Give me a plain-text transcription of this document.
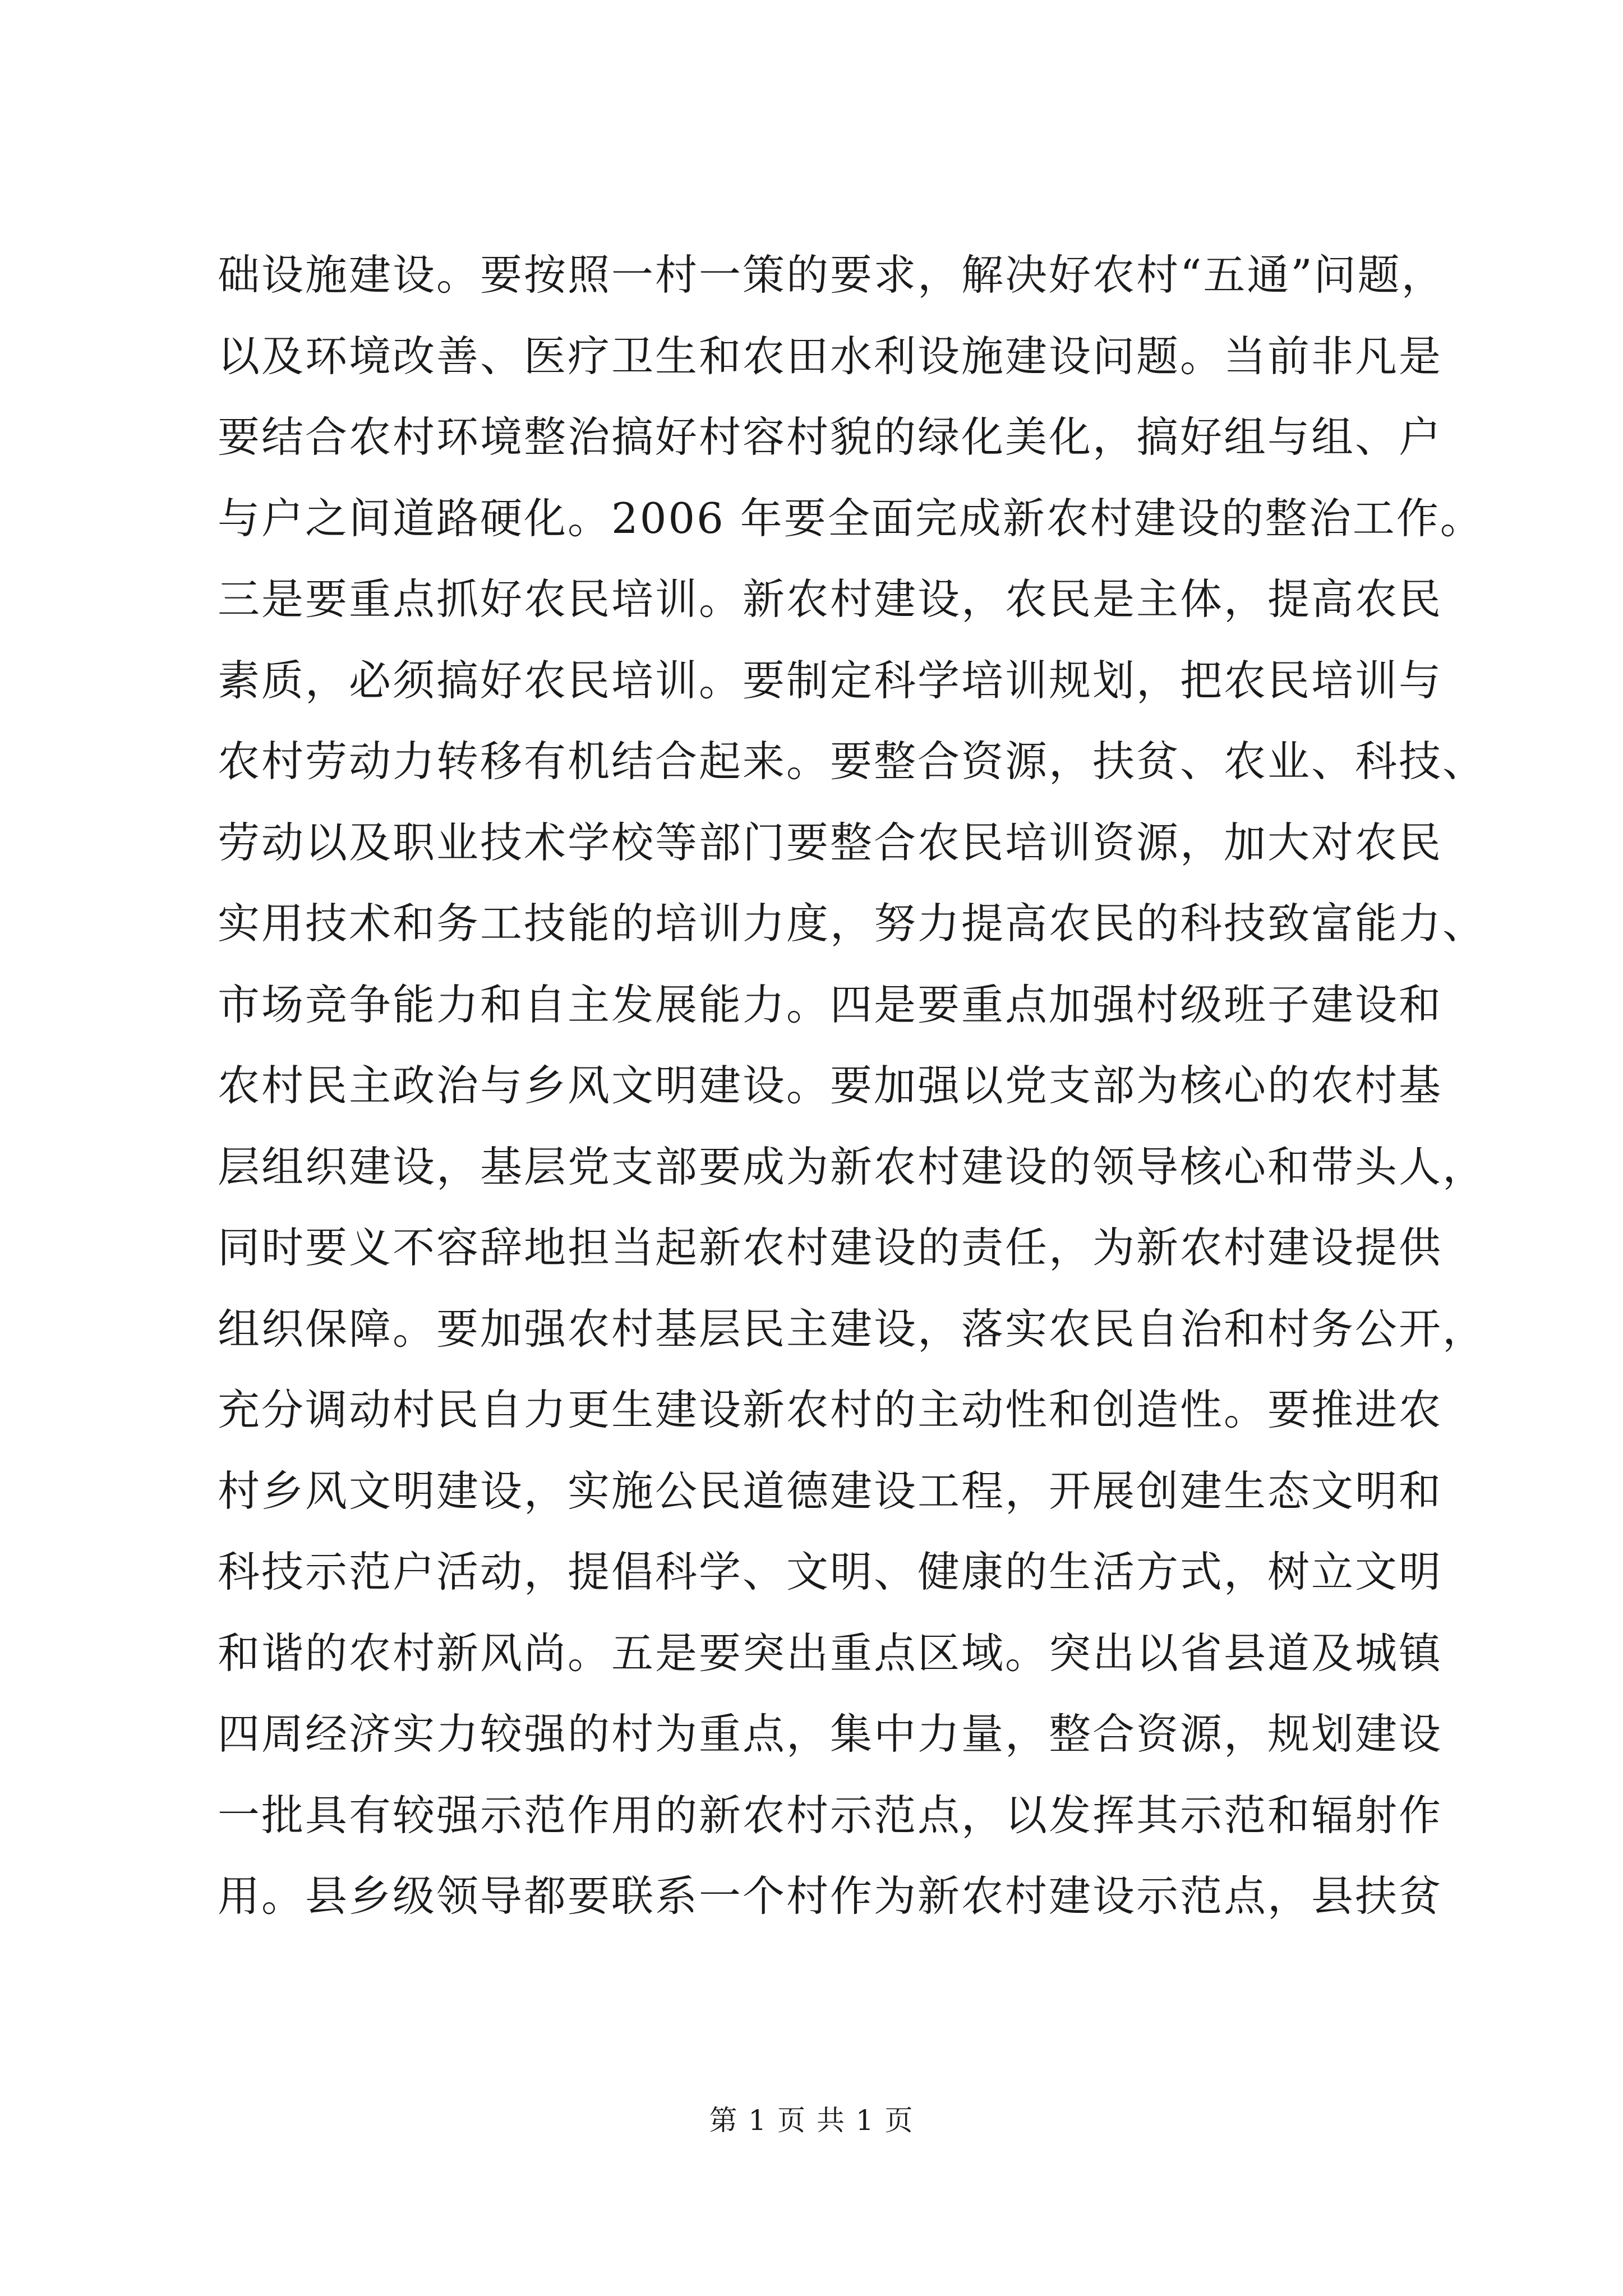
础设施建设。要按照一村一策的要求，解决好农村“五通”问题，
以及环境改善、医疗卫生和农田水利设施建设问题。当前非凡是
要结合农村环境整治搞好村容村貌的绿化美化，搞好组与组、户
与户之间道路硬化。2006 年要全面完成新农村建设的整治工作。
三是要重点抓好农民培训。新农村建设，农民是主体，提高农民
素质，必须搞好农民培训。要制定科学培训规划，把农民培训与
农村劳动力转移有机结合起来。要整合资源，扶贫、农业、科技、
劳动以及职业技术学校等部门要整合农民培训资源，加大对农民
实用技术和务工技能的培训力度，努力提高农民的科技致富能力、
市场竞争能力和自主发展能力。四是要重点加强村级班子建设和
农村民主政治与乡风文明建设。要加强以党支部为核心的农村基
层组织建设，基层党支部要成为新农村建设的领导核心和带头人，
同时要义不容辞地担当起新农村建设的责任，为新农村建设提供
组织保障。要加强农村基层民主建设，落实农民自治和村务公开，
充分调动村民自力更生建设新农村的主动性和创造性。要推进农
村乡风文明建设，实施公民道德建设工程，开展创建生态文明和
科技示范户活动，提倡科学、文明、健康的生活方式，树立文明
和谐的农村新风尚。五是要突出重点区域。突出以省县道及城镇
四周经济实力较强的村为重点，集中力量，整合资源，规划建设
一批具有较强示范作用的新农村示范点，以发挥其示范和辐射作
用。县乡级领导都要联系一个村作为新农村建设示范点，县扶贫
第 1 页 共 1 页
